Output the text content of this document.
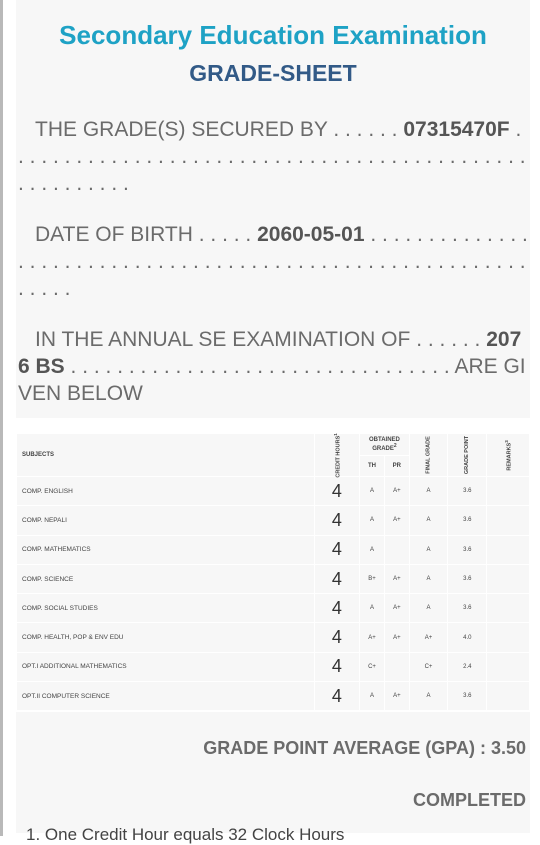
Secondary Education Examination
GRADE-SHEET
THE GRADE(S) SECURED BY . . . . . . 07315470F . . . . . . . . . . . . . . . . . . . . . . . . . . . . . . . . . . . . . . . . . . . . . . . . . . . . . . .
DATE OF BIRTH . . . . . 2060-05-01 . . . . . . . . . . . . . . . . . . . . . . . . . . . . . . . . . . . . . . . . . . . . . . . . . . . . . . . . . . . . . . .
IN THE ANNUAL SE EXAMINATION OF . . . . . . 2076 BS . . . . . . . . . . . . . . . . . . . . . . . . . . . . . . . . . ARE GIVEN BELOW
SUBJECTS	CREDIT HOURS$^1$	OBTAINED GRADE$^2$		FINAL GRADE	GRADE POINT	REMARKS$^3$
		TH	PR			
COMP. ENGLISH	4	A	A+	A	3.6	
COMP. NEPALI	4	A	A+	A	3.6	
COMP. MATHEMATICS	4	A		A	3.6	
COMP. SCIENCE	4	B+	A+	A	3.6	
COMP. SOCIAL STUDIES	4	A	A+	A	3.6	
COMP. HEALTH, POP & ENV EDU	4	A+	A+	A+	4.0	
OPT.I ADDITIONAL MATHEMATICS	4	C+		C+	2.4	
OPT.II COMPUTER SCIENCE	4	A	A+	A	3.6	
GRADE POINT AVERAGE (GPA) : 3.50
COMPLETED
1. One Credit Hour equals 32 Clock Hours
